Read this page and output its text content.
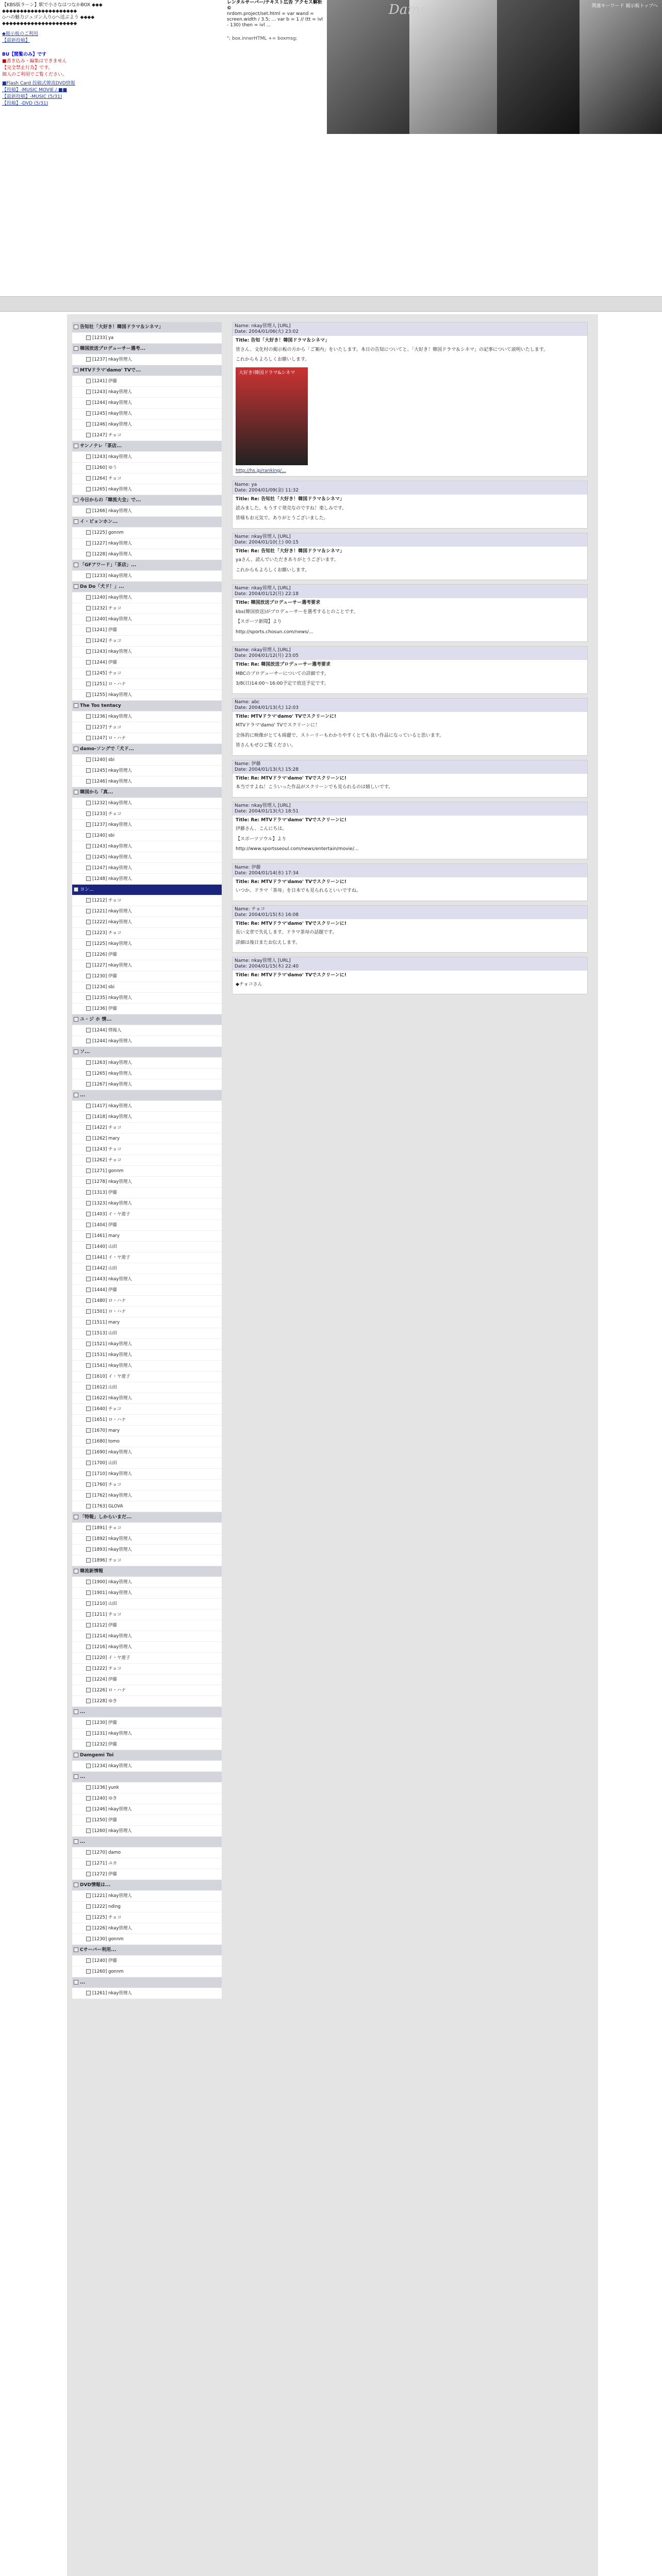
【KBS版ラーン】駅で小さなはつなかBOX ◆◆◆
◆◆◆◆◆◆◆◆◆◆◆◆◆◆◆◆◆◆◆◆◆
◇ハの魅力ジュゴン入り◇へ送ぶよう ◆◆◆◆
◆◆◆◆◆◆◆◆◆◆◆◆◆◆◆◆◆◆◆◆◆
◆掲示板のご利用
【最新投稿】

BU【閲覧のみ】です
■書き込み・編集はできません
【完全禁止行為】です。
個人のご利用でご覧ください。
■Flash Card 投稿式韓流DVD情報
【投稿】-MUSIC MOVIE / ■■
【最新投稿】-MUSIC (5/31)
【投稿】-DVD (5/31)

レンタルサーバー/テキスト広告 アクセス解析 ©
nrdom.project/set.html = var wand = screen.width / 3.5; ... var b = 1 // (tt = ivl - 130) then = ivl ...
"; box.innerHTML += boxmsg;
Damo	関連キーワード 掲示板トップへ
告知社「大好き！韓国ドラマ＆シネマ」
[1233] ya
韓国放送プロデューサー選考...
[1237] nkay管理人
MTVドラマ'damo' TVで...
[1241] 伊藤
[1243] nkay管理人
[1244] nkay管理人
[1245] nkay管理人
[1246] nkay管理人
[1247] チョコ
サンノテレ「茶店...
[1243] nkay管理人
[1260] ゆう
[1264] チョコ
[1265] nkay管理人
今日からの「韓流大全」で...
[1266] nkay管理人
イ・ビョンホン...
[1225] gonnm
[1227] nkay管理人
[1228] nkay管理人
「GFアワード」「茶店」...
[1233] nkay管理人
Da Do「犬ド！」...
[1240] nkay管理人
[1232] チョコ
[1240] nkay管理人
[1241] 伊藤
[1242] チョコ
[1243] nkay管理人
[1244] 伊藤
[1245] チョコ
[1251] ロ・ハナ
[1255] nkay管理人
The Tos tentacy
[1236] nkay管理人
[1237] チョコ
[1247] ロ・ハナ
damo-ソングで「犬ド...
[1240] sbi
[1245] nkay管理人
[1246] nkay管理人
韓国から「真...
[1232] nkay管理人
[1233] チョコ
[1237] nkay管理人
[1240] sbi
[1243] nkay管理人
[1245] nkay管理人
[1247] nkay管理人
[1248] nkay管理人
ヨン...
[1212] チョコ
[1221] nkay管理人
[1222] nkay管理人
[1223] チョコ
[1225] nkay管理人
[1226] 伊藤
[1227] nkay管理人
[1230] 伊藤
[1234] sbi
[1235] nkay管理人
[1236] 伊藤
ユ・ジ ホ 情...
[1244] 情報人
[1244] nkay管理人
ソ...
[1263] nkay管理人
[1265] nkay管理人
[1267] nkay管理人
...
[1417] nkay管理人
[1418] nkay管理人
[1422] チョコ
[1262] mary
[1243] チョコ
[1262] チョコ
[1271] gonnm
[1278] nkay管理人
[1313] 伊藤
[1323] nkay管理人
[1403] イ・ヤ遊子
[1404] 伊藤
[1461] mary
[1440] 山田
[1441] イ・ヤ遊子
[1442] 山田
[1443] nkay管理人
[1444] 伊藤
[1480] ロ・ハナ
[1501] ロ・ハナ
[1511] mary
[1513] 山田
[1521] nkay管理人
[1531] nkay管理人
[1541] nkay管理人
[1610] イ・ヤ遊子
[1612] 山田
[1622] nkay管理人
[1640] チョコ
[1651] ロ・ハナ
[1670] mary
[1680] tomo
[1690] nkay管理人
[1700] 山田
[1710] nkay管理人
[1760] チョコ
[1762] nkay管理人
[1763] GLOVA
「特報」しからいまだ...
[1891] チョコ
[1892] nkay管理人
[1893] nkay管理人
[1896] チョコ
韓流新情報
[1900] nkay管理人
[1901] nkay管理人
[1210] 山田
[1211] チョコ
[1212] 伊藤
[1214] nkay管理人
[1216] nkay管理人
[1220] イ・ヤ遊子
[1222] チョコ
[1224] 伊藤
[1226] ロ・ハナ
[1228] ゆき
...
[1230] 伊藤
[1231] nkay管理人
[1232] 伊藤
Damgemi Toi
[1234] nkay管理人
...
[1236] yunk
[1240] ゆき
[1246] nkay管理人
[1250] 伊藤
[1260] nkay管理人
...
[1270] damo
[1271] ユカ
[1272] 伊藤
DVD情報は...
[1221] nkay管理人
[1222] nding
[1225] チョコ
[1226] nkay管理人
[1230] gonnm
Cサーバー利用...
[1240] 伊藤
[1260] gonnm
...
[1261] nkay管理人
Name: nkay管理人 [URL]
Date: 2004/01/06(火) 23:02
Title: 告知「大好き！韓国ドラマ＆シネマ」

皆さん、文化村の掲示板の方から「ご案内」をいたします。本日の告知についてと、「大好き！韓国ドラマ＆シネマ」の記事について説明いたします。

これからもよろしくお願いします。

大好き!韓国ドラマ&シネマ
http://hs.jp/ranking/...
Name: ya
Date: 2004/01/09(金) 11:32
Title: Re: 告知社「大好き！韓国ドラマ＆シネマ」

読みました。もうすぐ発売なのですね！楽しみです。

皆様もお元気で。ありがとうございました。

Name: nkay管理人 [URL]
Date: 2004/01/10(土) 00:15
Title: Re: 告知社「大好き！韓国ドラマ＆シネマ」

yaさん、読んでいただきありがとうございます。

これからもよろしくお願いします。

Name: nkay管理人 [URL]
Date: 2004/01/12(月) 22:18
Title: 韓国放送プロデューサー選考要求

kbs(韓国放送)がプロデューサーを選考するとのことです。

【スポーツ新聞】より

http://sports.chosun.com/news/...

Name: nkay管理人 [URL]
Date: 2004/01/12(月) 23:05
Title: Re: 韓国放送プロデューサー選考要求

MBCのプロデューサーについての詳細です。

3/8(日)14:00〜16:00予定で放送予定です。

Name: abc
Date: 2004/01/13(火) 12:03
Title: MTVドラマ'damo' TVでスクリーンに!

MTVドラマ'damo' TVでスクリーンに！

全体的に映像がとても綺麗で、ストーリーもわかりやすくとても良い作品になっていると思います。

皆さんもぜひご覧ください。

Name: 伊藤
Date: 2004/01/13(火) 15:28
Title: Re: MTVドラマ'damo' TVでスクリーンに!

本当ですよね！こういった作品がスクリーンでも見られるのは嬉しいです。

Name: nkay管理人 [URL]
Date: 2004/01/13(火) 18:51
Title: Re: MTVドラマ'damo' TVでスクリーンに!

伊藤さん、こんにちは。

【スポーツソウル】より

http://www.sportsseoul.com/news/entertain/movie/...

Name: 伊藤
Date: 2004/01/14(水) 17:34
Title: Re: MTVドラマ'damo' TVでスクリーンに!

いつか、ドラマ「茶母」を日本でも見られるといいですね。

Name: チョコ
Date: 2004/01/15(木) 16:08
Title: Re: MTVドラマ'damo' TVでスクリーンに!

長い文章で失礼します。ドラマ茶母の話題です。

詳細は後日またお伝えします。

Name: nkay管理人 [URL]
Date: 2004/01/15(木) 22:40
Title: Re: MTVドラマ'damo' TVでスクリーンに!

◆チョコさん
